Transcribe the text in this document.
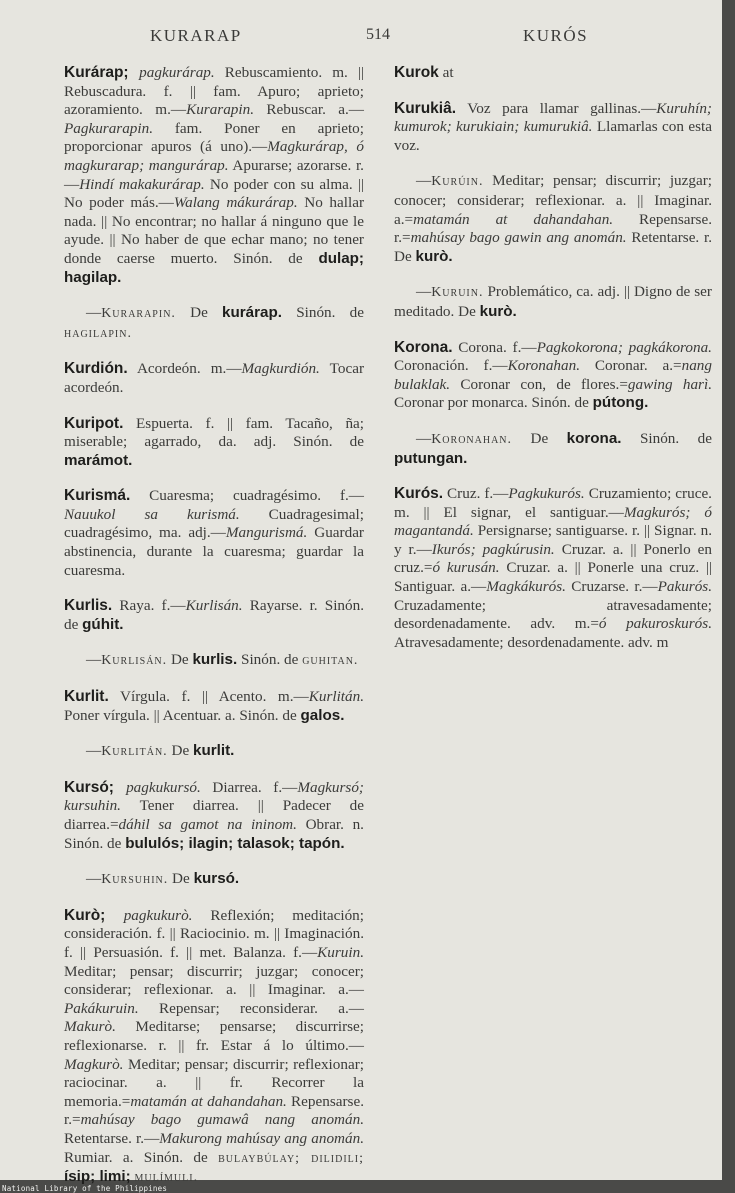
KURARAP	514	KURÓS

Kurárap; pagkurárap. Rebuscamiento. m. || Rebuscadura. f. || fam. Apuro; aprieto; azoramiento. m.—Kurarapin. Rebuscar. a.—Pagkurarapin. fam. Poner en aprieto; proporcionar apuros (á uno).—Magkurárap, ó magkurarap; mangurárap. Apurarse; azorarse. r.—Hindí makakurárap. No poder con su alma. || No poder más.—Walang mákurárap. No hallar nada. || No encontrar; no hallar á ninguno que le ayude. || No haber de que echar mano; no tener donde caerse muerto. Sinón. de dulap; hagilap.

—Kurarapin. De kurárap. Sinón. de hagilapin.

Kurdión. Acordeón. m.—Magkurdión. Tocar acordeón.

Kuripot. Espuerta. f. || fam. Tacaño, ña; miserable; agarrado, da. adj. Sinón. de marámot.

Kurismá. Cuaresma; cuadragésimo. f.—Nauukol sa kurismá. Cuadragesimal; cuadragésimo, ma. adj.—Mangurismá. Guardar abstinencia, durante la cuaresma; guardar la cuaresma.

Kurlis. Raya. f.—Kurlisán. Rayarse. r. Sinón. de gúhit.

—Kurlisán. De kurlis. Sinón. de guhitan.

Kurlit. Vírgula. f. || Acento. m.—Kurlitán. Poner vírgula. || Acentuar. a. Sinón. de galos.

—Kurlitán. De kurlit.

Kursó; pagkukursó. Diarrea. f.—Magkursó; kursuhin. Tener diarrea. || Padecer de diarrea.=dáhil sa gamot na ininom. Obrar. n. Sinón. de bululós; ilagin; talasok; tapón.

—Kursuhin. De kursó.

Kurò; pagkukurò. Reflexión; meditación; consideración. f. || Raciocinio. m. || Imaginación. f. || Persuasión. f. || met. Balanza. f.—Kuruin. Meditar; pensar; discurrir; juzgar; conocer; considerar; reflexionar. a. || Imaginar. a.—Pakákuruin. Repensar; reconsiderar. a.—Makurò. Meditarse; pensarse; discurrirse; reflexionarse. r. || fr. Estar á lo último.—Magkurò. Meditar; pensar; discurrir; reflexionar; raciocinar. a. || fr. Recorrer la memoria.=matamán at dahandahan. Repensarse. r.=mahúsay bago gumawâ nang anomán. Retentarse. r.—Makurong mahúsay ang anomán. Rumiar. a. Sinón. de bulaybúlay; dilidili; ísip; limi; mulímuli.

Kurok at

Kurukiâ. Voz para llamar gallinas.—Kuruhín; kumurok; kurukiain; kumurukiâ. Llamarlas con esta voz.

—Kurúin. Meditar; pensar; discurrir; juzgar; conocer; considerar; reflexionar. a. || Imaginar. a.=matamán at dahandahan. Repensarse. r.=mahúsay bago gawin ang anomán. Retentarse. r. De kurò.

—Kuruin. Problemático, ca. adj. || Digno de ser meditado. De kurò.

Korona. Corona. f.—Pagkokorona; pagkákorona. Coronación. f.—Koronahan. Coronar. a.=nang bulaklak. Coronar con, de flores.=gawing harì. Coronar por monarca. Sinón. de pútong.

—Koronahan. De korona. Sinón. de putungan.

Kurós. Cruz. f.—Pagkukurós. Cruzamiento; cruce. m. || El signar, el santiguar.—Magkurós; ó magantandá. Persignarse; santiguarse. r. || Signar. n. y r.—Ikurós; pagkúrusin. Cruzar. a. || Ponerlo en cruz.=ó kurusán. Cruzar. a. || Ponerle una cruz. || Santiguar. a.—Magkákurós. Cruzarse. r.—Pakurós. Cruzadamente; atravesadamente; desordenadamente. adv. m.=ó pakuroskurós. Atravesadamente; desordenadamente. adv. m

National Library of the Philippines
